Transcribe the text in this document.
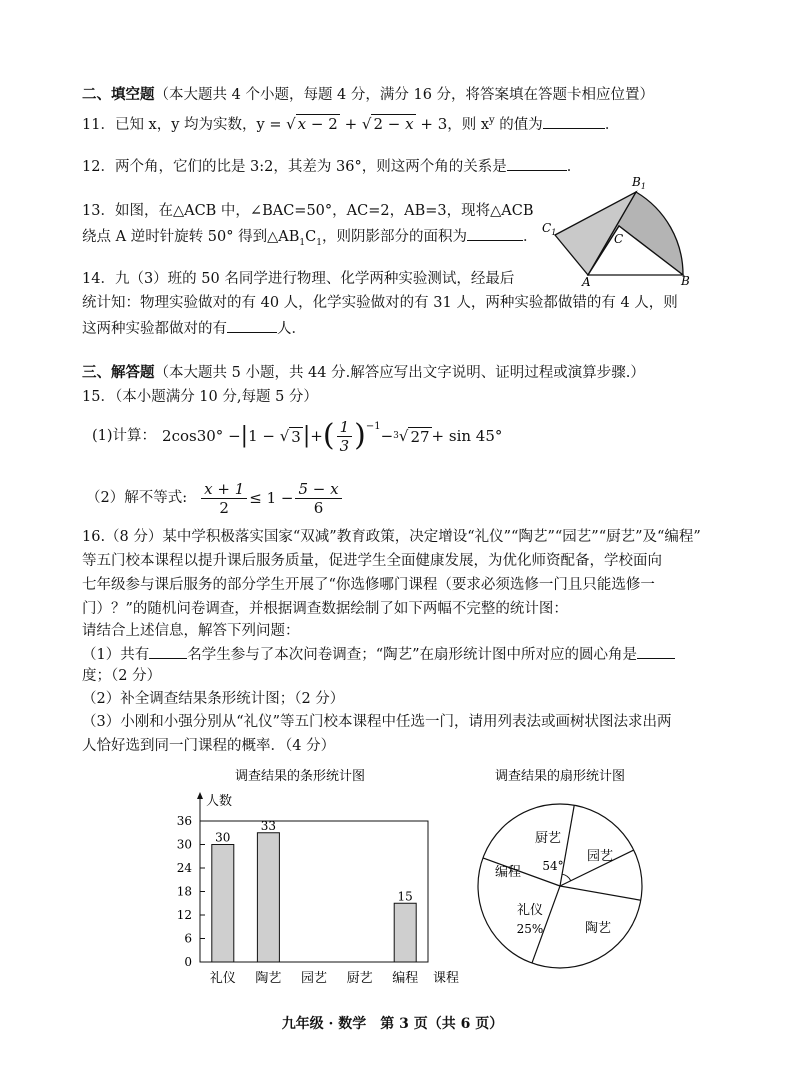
二、填空题（本大题共 4 个小题，每题 4 分，满分 16 分，将答案填在答题卡相应位置）
11．已知 x，y 均为实数，y = √ x − 2 + √ 2 − x + 3，则 $x^y$ 的值为	．
12．两个角，它们的比是 3:2，其差为 36°，则这两个角的关系是	．
13．如图，在△ACB 中，∠BAC=50°，AC=2，AB=3，现将△ACB
绕点 A 逆时针旋转 50° 得到$\triangle AB_1C_1$，则阴影部分的面积为	．
$B_1$
$C_1$	C
A	B
14．九（3）班的 50 名同学进行物理、化学两种实验测试，经最后
统计知：物理实验做对的有 40 人，化学实验做对的有 31 人，两种实验都做错的有 4 人，则
这两种实验都做对的有	人．
三、解答题（本大题共 5 小题，共 44 分.解答应写出文字说明、证明过程或演算步骤.）
15．（本小题满分 10 分,每题 5 分）
(1)计算： 2cos30° − | 1 − √ 3 | + ( $\frac{1}{3} )^{-1}$
− $_3$ √ 27 + sin 45°
（2）解不等式: $\frac{x + 1}{2} \le 1 - \frac{5 - x}{6}$
16.（8 分）某中学积极落实国家“双减”教育政策，决定增设“礼仪”“陶艺”“园艺”“厨艺”及“编程”
等五门校本课程以提升课后服务质量，促进学生全面健康发展，为优化师资配备，学校面向
七年级参与课后服务的部分学生开展了“你选修哪门课程（要求必须选修一门且只能选修一
门）？”的随机问卷调查，并根据调查数据绘制了如下两幅不完整的统计图：
请结合上述信息，解答下列问题：
（1）共有	名学生参与了本次问卷调查；“陶艺”在扇形统计图中所对应的圆心角是
度；（2 分）
（2）补全调查结果条形统计图；（2 分）
（3）小刚和小强分别从“礼仪”等五门校本课程中任选一门，请用列表法或画树状图法求出两
人恰好选到同一门课程的概率．（4 分）
调查结果的条形统计图
人数
0
6
12
18
24
30
36
课程
30
礼仪
33
陶艺 园艺 厨艺
15
编程
调查结果的扇形统计图
厨艺
园艺
陶艺
礼仪
编程 54°
25%
九年级 · 数学　第 3 页（共 6 页）
